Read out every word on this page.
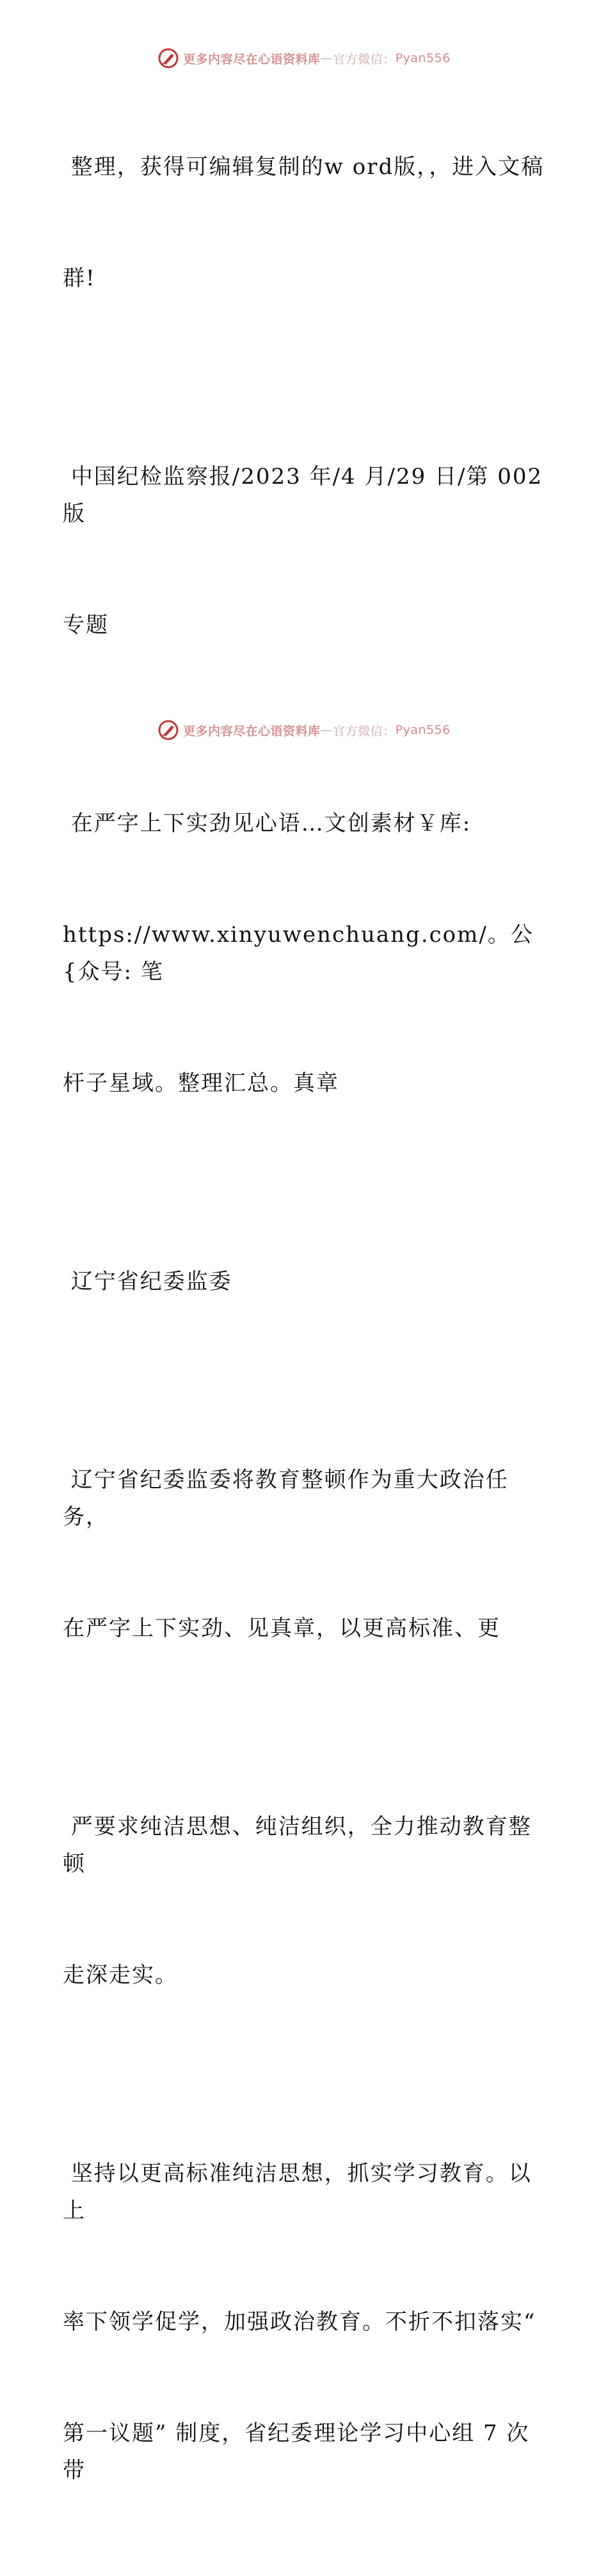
更多内容尽在心语资料库 — 官方微信： Pyan556

整理，获得可编辑复制的w ord版，，进入文稿

群!

中国纪检监察报/2023 年/4 月/29 日/第 002 版

专题

在严字上下实劲见心语…文创素材￥库:

https://www.xinyuwenchuang.com/。公{众号: 笔

杆子星域。整理汇总。真章

辽宁省纪委监委

辽宁省纪委监委将教育整顿作为重大政治任务，

在严字上下实劲、见真章，以更高标准、更

严要求纯洁思想、纯洁组织，全力推动教育整顿

走深走实。

坚持以更高标准纯洁思想，抓实学习教育。以上

率下领学促学，加强政治教育。不折不扣落实“

第一议题” 制度，省纪委理论学习中心组 7 次带

更多内容尽在心语资料库 — 官方微信： Pyan556
